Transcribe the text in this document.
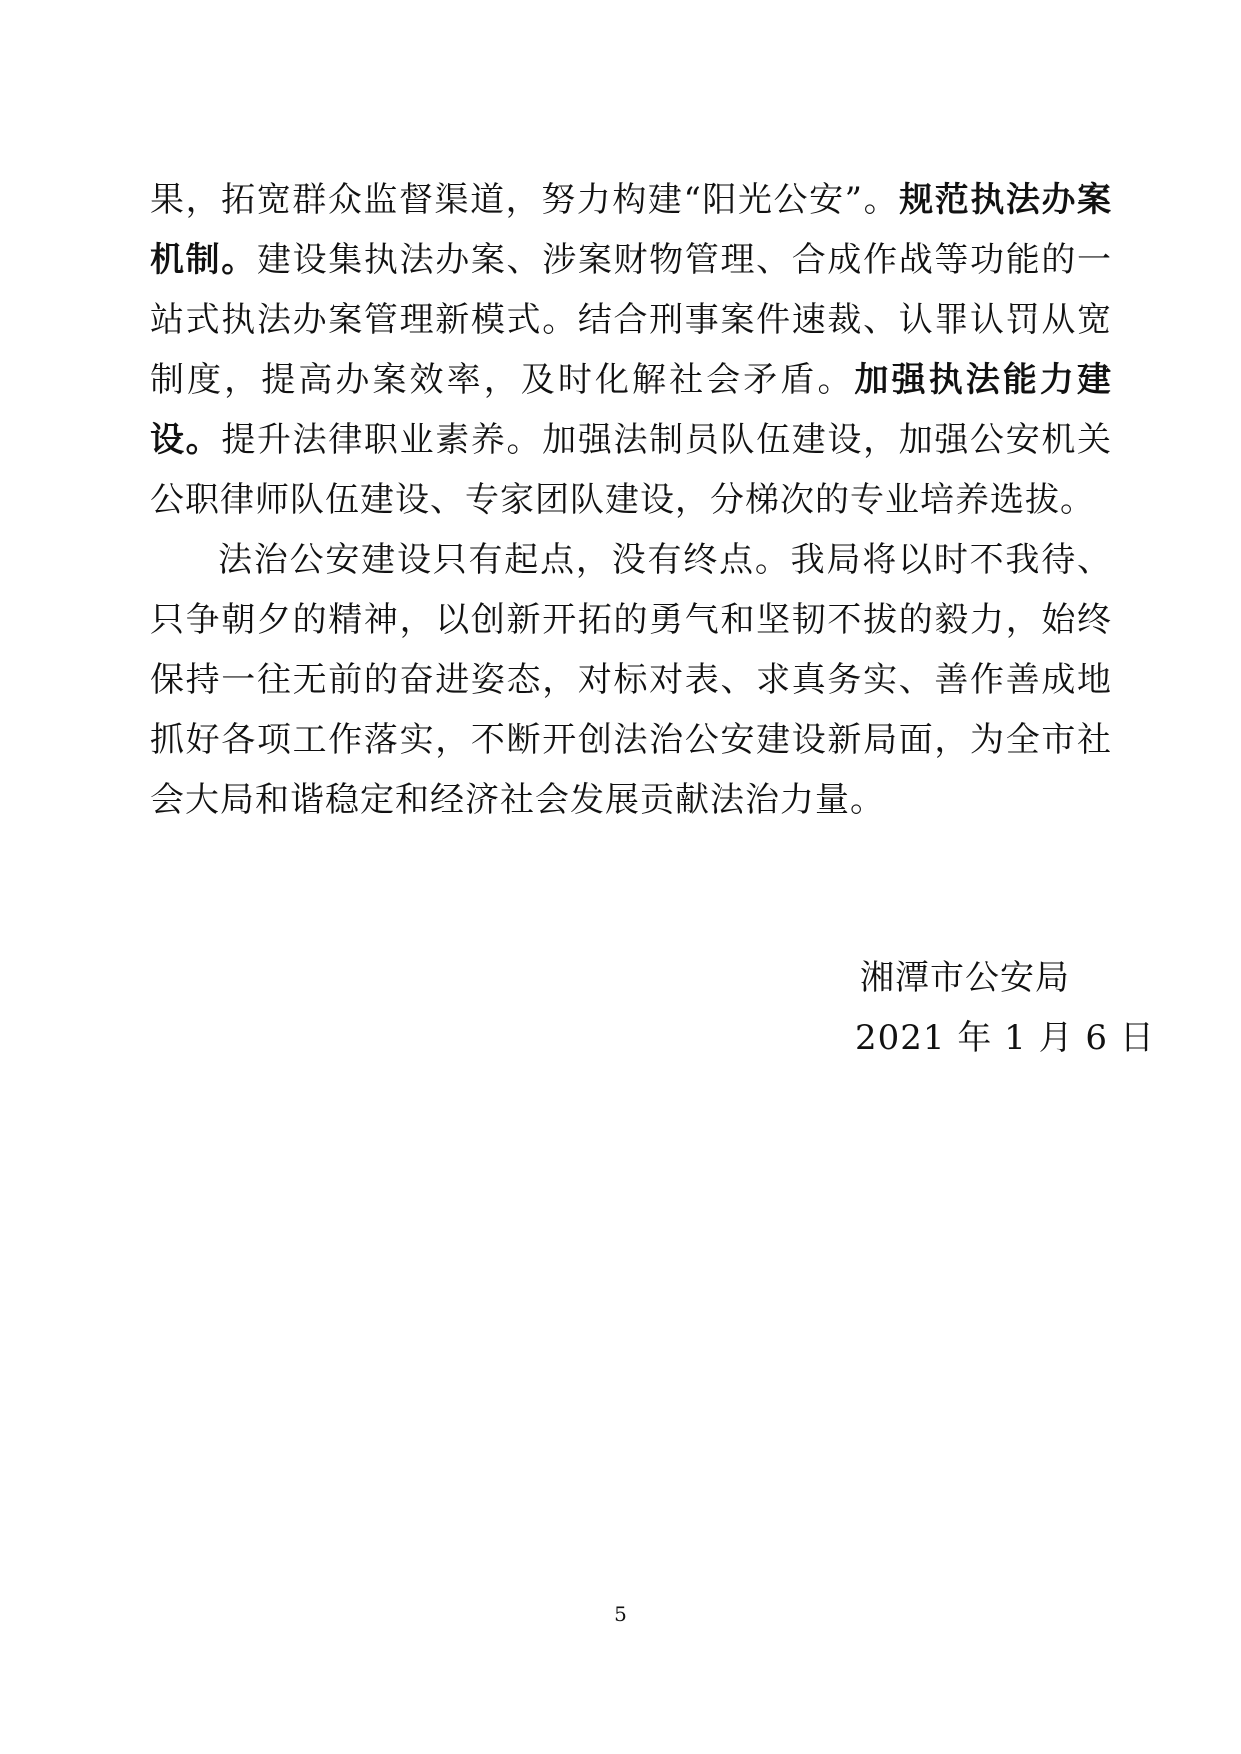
果，拓宽群众监督渠道，努力构建“阳光公安”。规范执法办案机制。建设集执法办案、涉案财物管理、合成作战等功能的一站式执法办案管理新模式。结合刑事案件速裁、认罪认罚从宽制度，提高办案效率，及时化解社会矛盾。加强执法能力建设。提升法律职业素养。加强法制员队伍建设，加强公安机关公职律师队伍建设、专家团队建设，分梯次的专业培养选拔。

法治公安建设只有起点，没有终点。我局将以时不我待、只争朝夕的精神，以创新开拓的勇气和坚韧不拔的毅力，始终保持一往无前的奋进姿态，对标对表、求真务实、善作善成地抓好各项工作落实，不断开创法治公安建设新局面，为全市社会大局和谐稳定和经济社会发展贡献法治力量。

湘潭市公安局
2021 年 1 月 6 日
5
